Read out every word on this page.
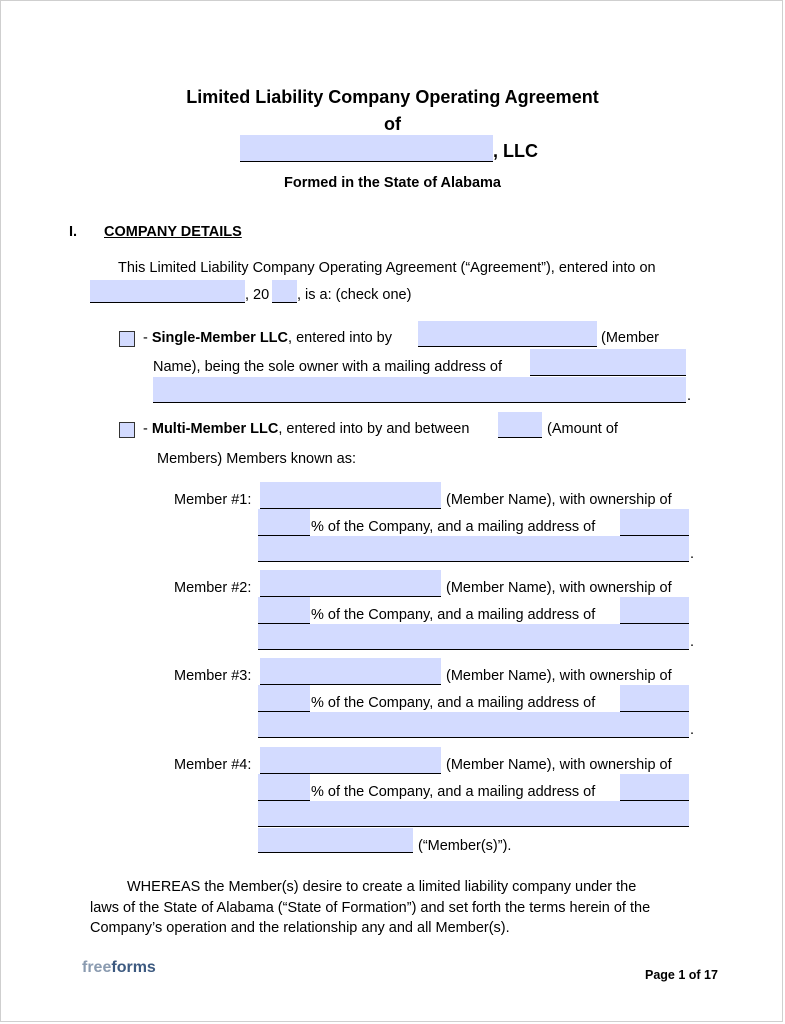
Limited Liability Company Operating Agreement
of
, LLC
Formed in the State of Alabama
I. COMPANY DETAILS
This Limited Liability Company Operating Agreement (“Agreement”), entered into on
, 20 , is a: (check one)
- Single-Member LLC, entered into by	(Member
Name), being the sole owner with a mailing address of
.
- Multi-Member LLC, entered into by and between	(Amount of
Members) Members known as:
Member #1:	(Member Name), with ownership of
% of the Company, and a mailing address of
.
Member #2:	(Member Name), with ownership of
% of the Company, and a mailing address of
.
Member #3:	(Member Name), with ownership of
% of the Company, and a mailing address of
.
Member #4:	(Member Name), with ownership of
% of the Company, and a mailing address of
(“Member(s)”).
WHEREAS the Member(s) desire to create a limited liability company under the
laws of the State of Alabama (“State of Formation”) and set forth the terms herein of the
Company’s operation and the relationship any and all Member(s).
freeforms	Page 1 of 17
